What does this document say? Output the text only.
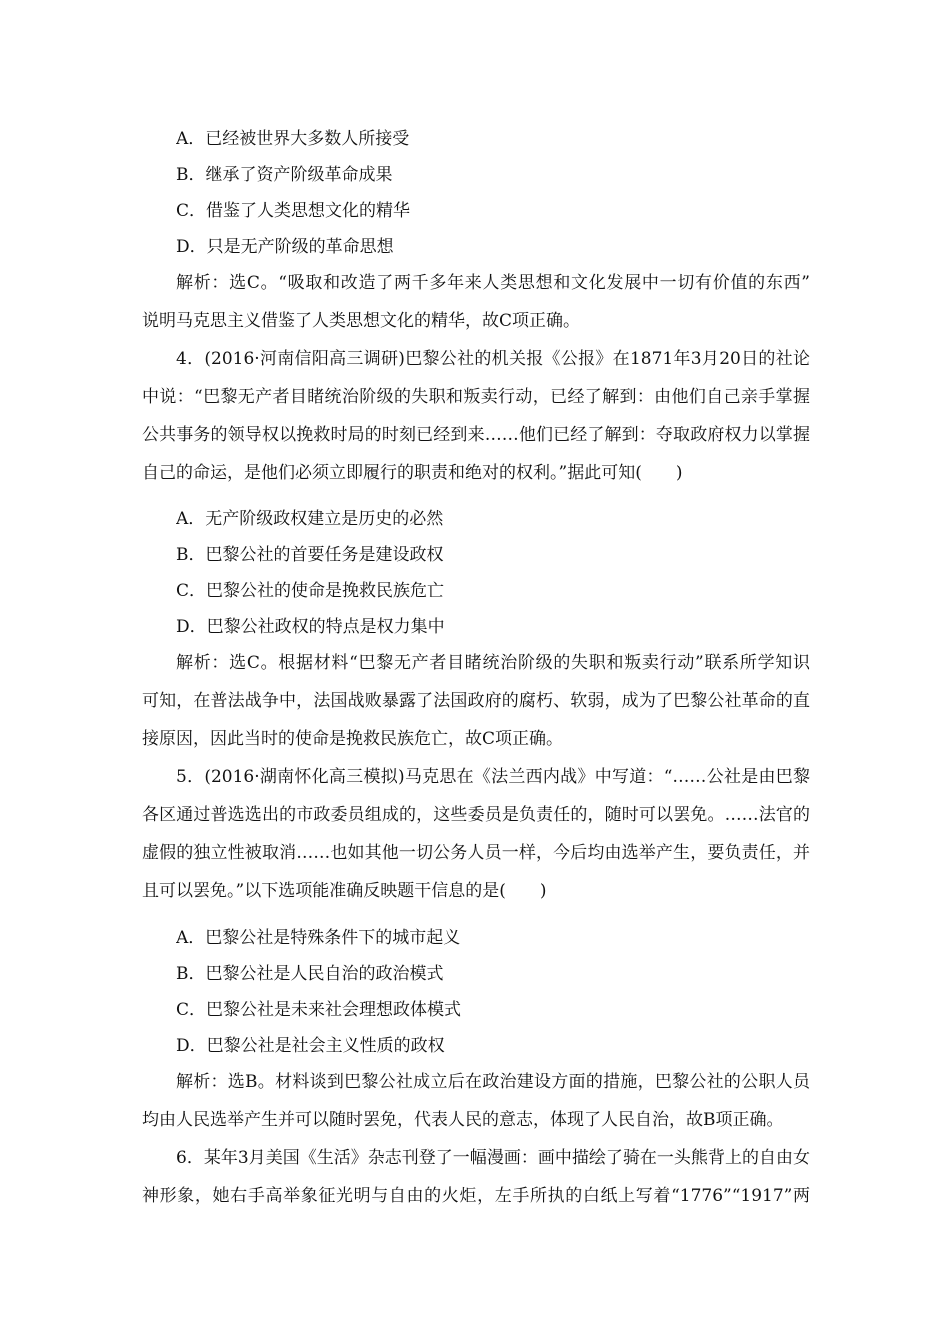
A．已经被世界大多数人所接受
B．继承了资产阶级革命成果
C．借鉴了人类思想文化的精华
D．只是无产阶级的革命思想
解析：选C。“吸取和改造了两千多年来人类思想和文化发展中一切有价值的东西”
说明马克思主义借鉴了人类思想文化的精华，故C项正确。
4．(2016·河南信阳高三调研)巴黎公社的机关报《公报》在1871年3月20日的社论
中说：“巴黎无产者目睹统治阶级的失职和叛卖行动，已经了解到：由他们自己亲手掌握
公共事务的领导权以挽救时局的时刻已经到来……他们已经了解到：夺取政府权力以掌握
自己的命运，是他们必须立即履行的职责和绝对的权利。”据此可知(　　)
A．无产阶级政权建立是历史的必然
B．巴黎公社的首要任务是建设政权
C．巴黎公社的使命是挽救民族危亡
D．巴黎公社政权的特点是权力集中
解析：选C。根据材料“巴黎无产者目睹统治阶级的失职和叛卖行动”联系所学知识
可知，在普法战争中，法国战败暴露了法国政府的腐朽、软弱，成为了巴黎公社革命的直
接原因，因此当时的使命是挽救民族危亡，故C项正确。
5．(2016·湖南怀化高三模拟)马克思在《法兰西内战》中写道：“……公社是由巴黎
各区通过普选选出的市政委员组成的，这些委员是负责任的，随时可以罢免。……法官的
虚假的独立性被取消……也如其他一切公务人员一样，今后均由选举产生，要负责任，并
且可以罢免。”以下选项能准确反映题干信息的是(　　)
A．巴黎公社是特殊条件下的城市起义
B．巴黎公社是人民自治的政治模式
C．巴黎公社是未来社会理想政体模式
D．巴黎公社是社会主义性质的政权
解析：选B。材料谈到巴黎公社成立后在政治建设方面的措施，巴黎公社的公职人员
均由人民选举产生并可以随时罢免，代表人民的意志，体现了人民自治，故B项正确。
6．某年3月美国《生活》杂志刊登了一幅漫画：画中描绘了骑在一头熊背上的自由女
神形象，她右手高举象征光明与自由的火炬，左手所执的白纸上写着“1776”“1917”两
